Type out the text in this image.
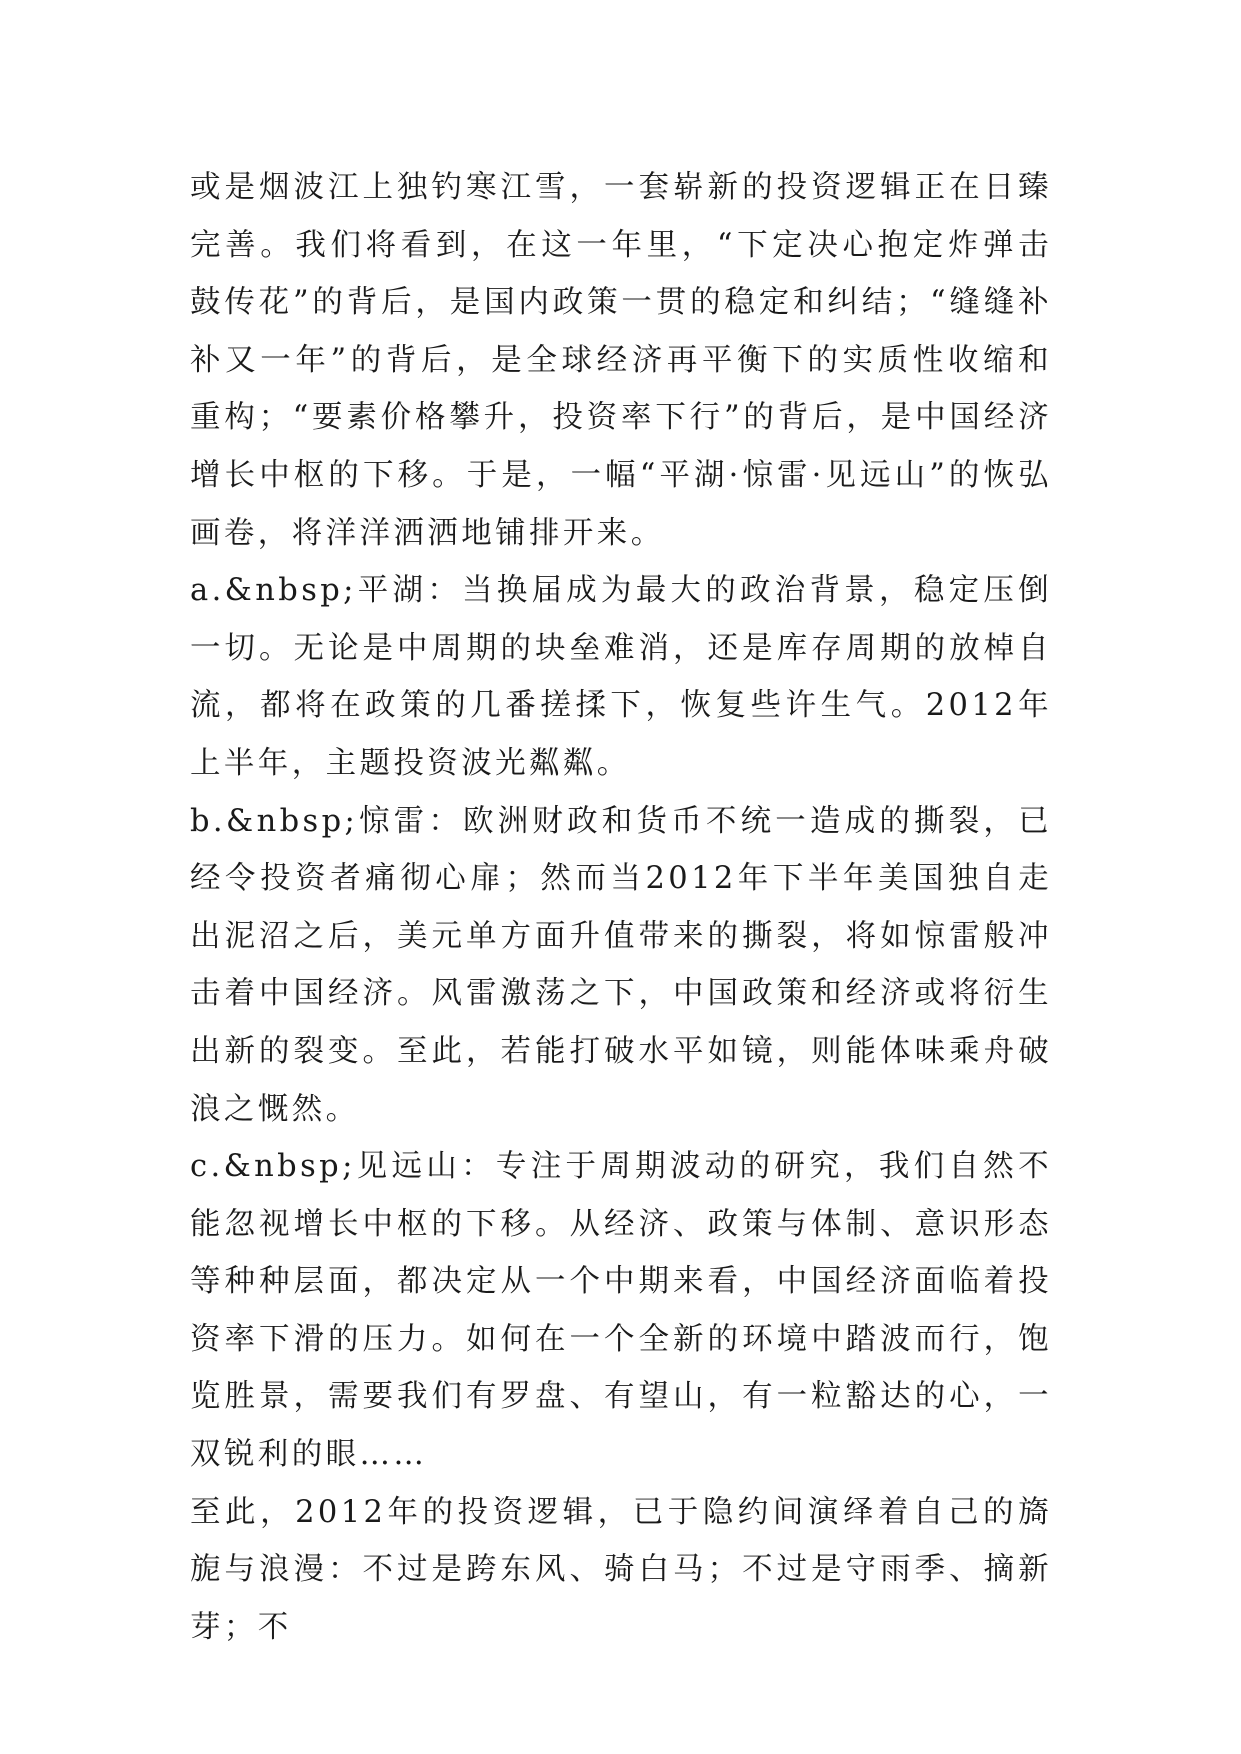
或是烟波江上独钓寒江雪，一套崭新的投资逻辑正在日臻完善。我们将看到，在这一年里，“下定决心抱定炸弹击鼓传花”的背后，是国内政策一贯的稳定和纠结；“缝缝补补又一年”的背后，是全球经济再平衡下的实质性收缩和重构；“要素价格攀升，投资率下行”的背后，是中国经济增长中枢的下移。于是，一幅“平湖·惊雷·见远山”的恢弘画卷，将洋洋洒洒地铺排开来。

a.&nbsp;平湖：当换届成为最大的政治背景，稳定压倒一切。无论是中周期的块垒难消，还是库存周期的放棹自流，都将在政策的几番搓揉下，恢复些许生气。2012年上半年，主题投资波光粼粼。

b.&nbsp;惊雷：欧洲财政和货币不统一造成的撕裂，已经令投资者痛彻心扉；然而当2012年下半年美国独自走出泥沼之后，美元单方面升值带来的撕裂，将如惊雷般冲击着中国经济。风雷激荡之下，中国政策和经济或将衍生出新的裂变。至此，若能打破水平如镜，则能体味乘舟破浪之慨然。

c.&nbsp;见远山：专注于周期波动的研究，我们自然不能忽视增长中枢的下移。从经济、政策与体制、意识形态等种种层面，都决定从一个中期来看，中国经济面临着投资率下滑的压力。如何在一个全新的环境中踏波而行，饱览胜景，需要我们有罗盘、有望山，有一粒豁达的心，一双锐利的眼……

至此，2012年的投资逻辑，已于隐约间演绎着自己的旖旎与浪漫：不过是跨东风、骑白马；不过是守雨季、摘新芽；不
